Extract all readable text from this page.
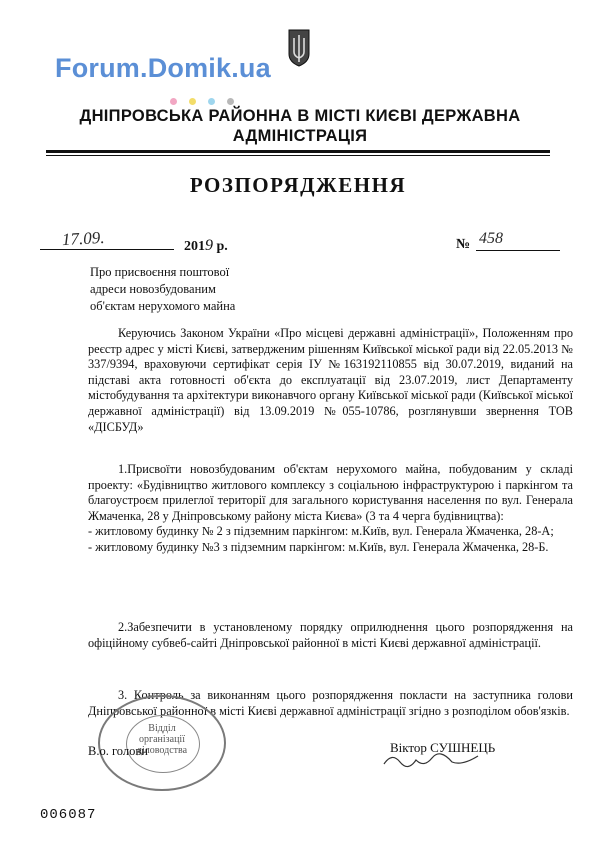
Forum.Domik.ua
ДНІПРОВСЬКА РАЙОННА В МІСТІ КИЄВІ ДЕРЖАВНА
АДМІНІСТРАЦІЯ
РОЗПОРЯДЖЕННЯ
17.09.	2019 р.	№ 458
Про присвоєння поштової
адреси новозбудованим
об'єктам нерухомого майна

Керуючись Законом України «Про місцеві державні адміністрації», Положенням про реєстр адрес у місті Києві, затвердженим рішенням Київської міської ради від 22.05.2013 № 337/9394, враховуючи сертифікат серія IУ №163192110855 від 30.07.2019, виданий на підставі акта готовності об'єкта до експлуатації від 23.07.2019, лист Департаменту містобудування та архітектури виконавчого органу Київської міської ради (Київської міської державної адміністрації) від 13.09.2019 №055-10786, розглянувши звернення ТОВ «ДІСБУД»

1.Присвоїти новозбудованим об'єктам нерухомого майна, побудованим у складі проекту: «Будівництво житлового комплексу з соціальною інфраструктурою і паркінгом та благоустроєм прилеглої території для загального користування населення по вул. Генерала Жмаченка, 28 у Дніпровському району міста Києва» (3 та 4 черга будівництва):

- житловому будинку № 2 з підземним паркінгом: м.Київ, вул. Генерала Жмаченка, 28-А;

- житловому будинку №3 з підземним паркінгом: м.Київ, вул. Генерала Жмаченка, 28-Б.

2.Забезпечити в установленому порядку оприлюднення цього розпорядження на офіційному субвеб-сайті Дніпровської районної в місті Києві державної адміністрації.

3. Контроль за виконанням цього розпорядження покласти на заступника голови Дніпровської районної в місті Києві державної адміністрації згідно з розподілом обов'язків.

Відділ
організації
діловодства
В.о. голови	Віктор СУШНЕЦЬ
006087
